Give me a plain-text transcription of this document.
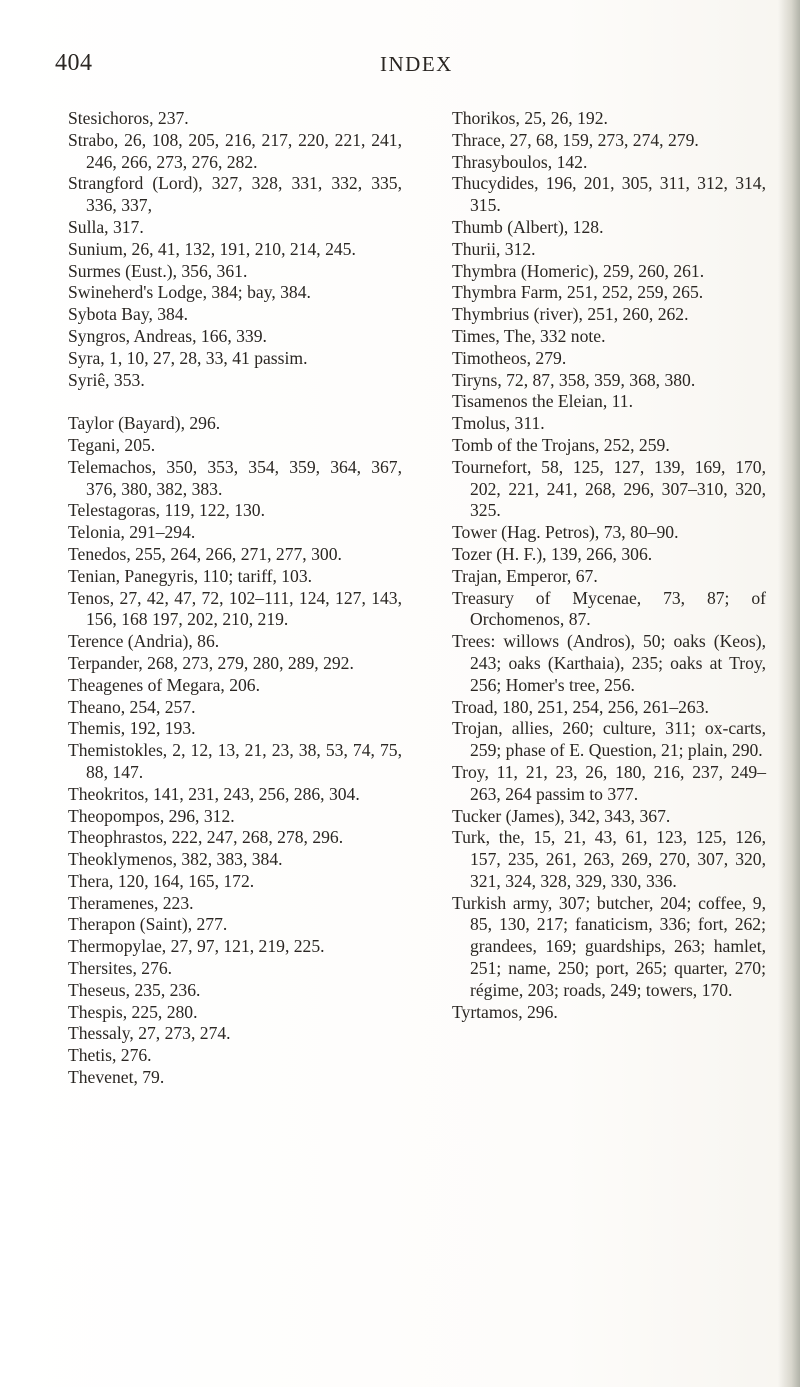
404	INDEX

Stesichoros, 237.

Strabo, 26, 108, 205, 216, 217, 220, 221, 241, 246, 266, 273, 276, 282.

Strangford (Lord), 327, 328, 331, 332, 335, 336, 337,

Sulla, 317.

Sunium, 26, 41, 132, 191, 210, 214, 245.

Surmes (Eust.), 356, 361.

Swineherd's Lodge, 384; bay, 384.

Sybota Bay, 384.

Syngros, Andreas, 166, 339.

Syra, 1, 10, 27, 28, 33, 41 passim.

Syriê, 353.

Taylor (Bayard), 296.

Tegani, 205.

Telemachos, 350, 353, 354, 359, 364, 367, 376, 380, 382, 383.

Telestagoras, 119, 122, 130.

Telonia, 291–294.

Tenedos, 255, 264, 266, 271, 277, 300.

Tenian, Panegyris, 110; tariff, 103.

Tenos, 27, 42, 47, 72, 102–111, 124, 127, 143, 156, 168 197, 202, 210, 219.

Terence (Andria), 86.

Terpander, 268, 273, 279, 280, 289, 292.

Theagenes of Megara, 206.

Theano, 254, 257.

Themis, 192, 193.

Themistokles, 2, 12, 13, 21, 23, 38, 53, 74, 75, 88, 147.

Theokritos, 141, 231, 243, 256, 286, 304.

Theopompos, 296, 312.

Theophrastos, 222, 247, 268, 278, 296.

Theoklymenos, 382, 383, 384.

Thera, 120, 164, 165, 172.

Theramenes, 223.

Therapon (Saint), 277.

Thermopylae, 27, 97, 121, 219, 225.

Thersites, 276.

Theseus, 235, 236.

Thespis, 225, 280.

Thessaly, 27, 273, 274.

Thetis, 276.

Thevenet, 79.

Thorikos, 25, 26, 192.

Thrace, 27, 68, 159, 273, 274, 279.

Thrasyboulos, 142.

Thucydides, 196, 201, 305, 311, 312, 314, 315.

Thumb (Albert), 128.

Thurii, 312.

Thymbra (Homeric), 259, 260, 261.

Thymbra Farm, 251, 252, 259, 265.

Thymbrius (river), 251, 260, 262.

Times, The, 332 note.

Timotheos, 279.

Tiryns, 72, 87, 358, 359, 368, 380.

Tisamenos the Eleian, 11.

Tmolus, 311.

Tomb of the Trojans, 252, 259.

Tournefort, 58, 125, 127, 139, 169, 170, 202, 221, 241, 268, 296, 307–310, 320, 325.

Tower (Hag. Petros), 73, 80–90.

Tozer (H. F.), 139, 266, 306.

Trajan, Emperor, 67.

Treasury of Mycenae, 73, 87; of Orchomenos, 87.

Trees: willows (Andros), 50; oaks (Keos), 243; oaks (Karthaia), 235; oaks at Troy, 256; Homer's tree, 256.

Troad, 180, 251, 254, 256, 261–263.

Trojan, allies, 260; culture, 311; ox-carts, 259; phase of E. Question, 21; plain, 290.

Troy, 11, 21, 23, 26, 180, 216, 237, 249–263, 264 passim to 377.

Tucker (James), 342, 343, 367.

Turk, the, 15, 21, 43, 61, 123, 125, 126, 157, 235, 261, 263, 269, 270, 307, 320, 321, 324, 328, 329, 330, 336.

Turkish army, 307; butcher, 204; coffee, 9, 85, 130, 217; fanaticism, 336; fort, 262; grandees, 169; guardships, 263; hamlet, 251; name, 250; port, 265; quarter, 270; régime, 203; roads, 249; towers, 170.

Tyrtamos, 296.
